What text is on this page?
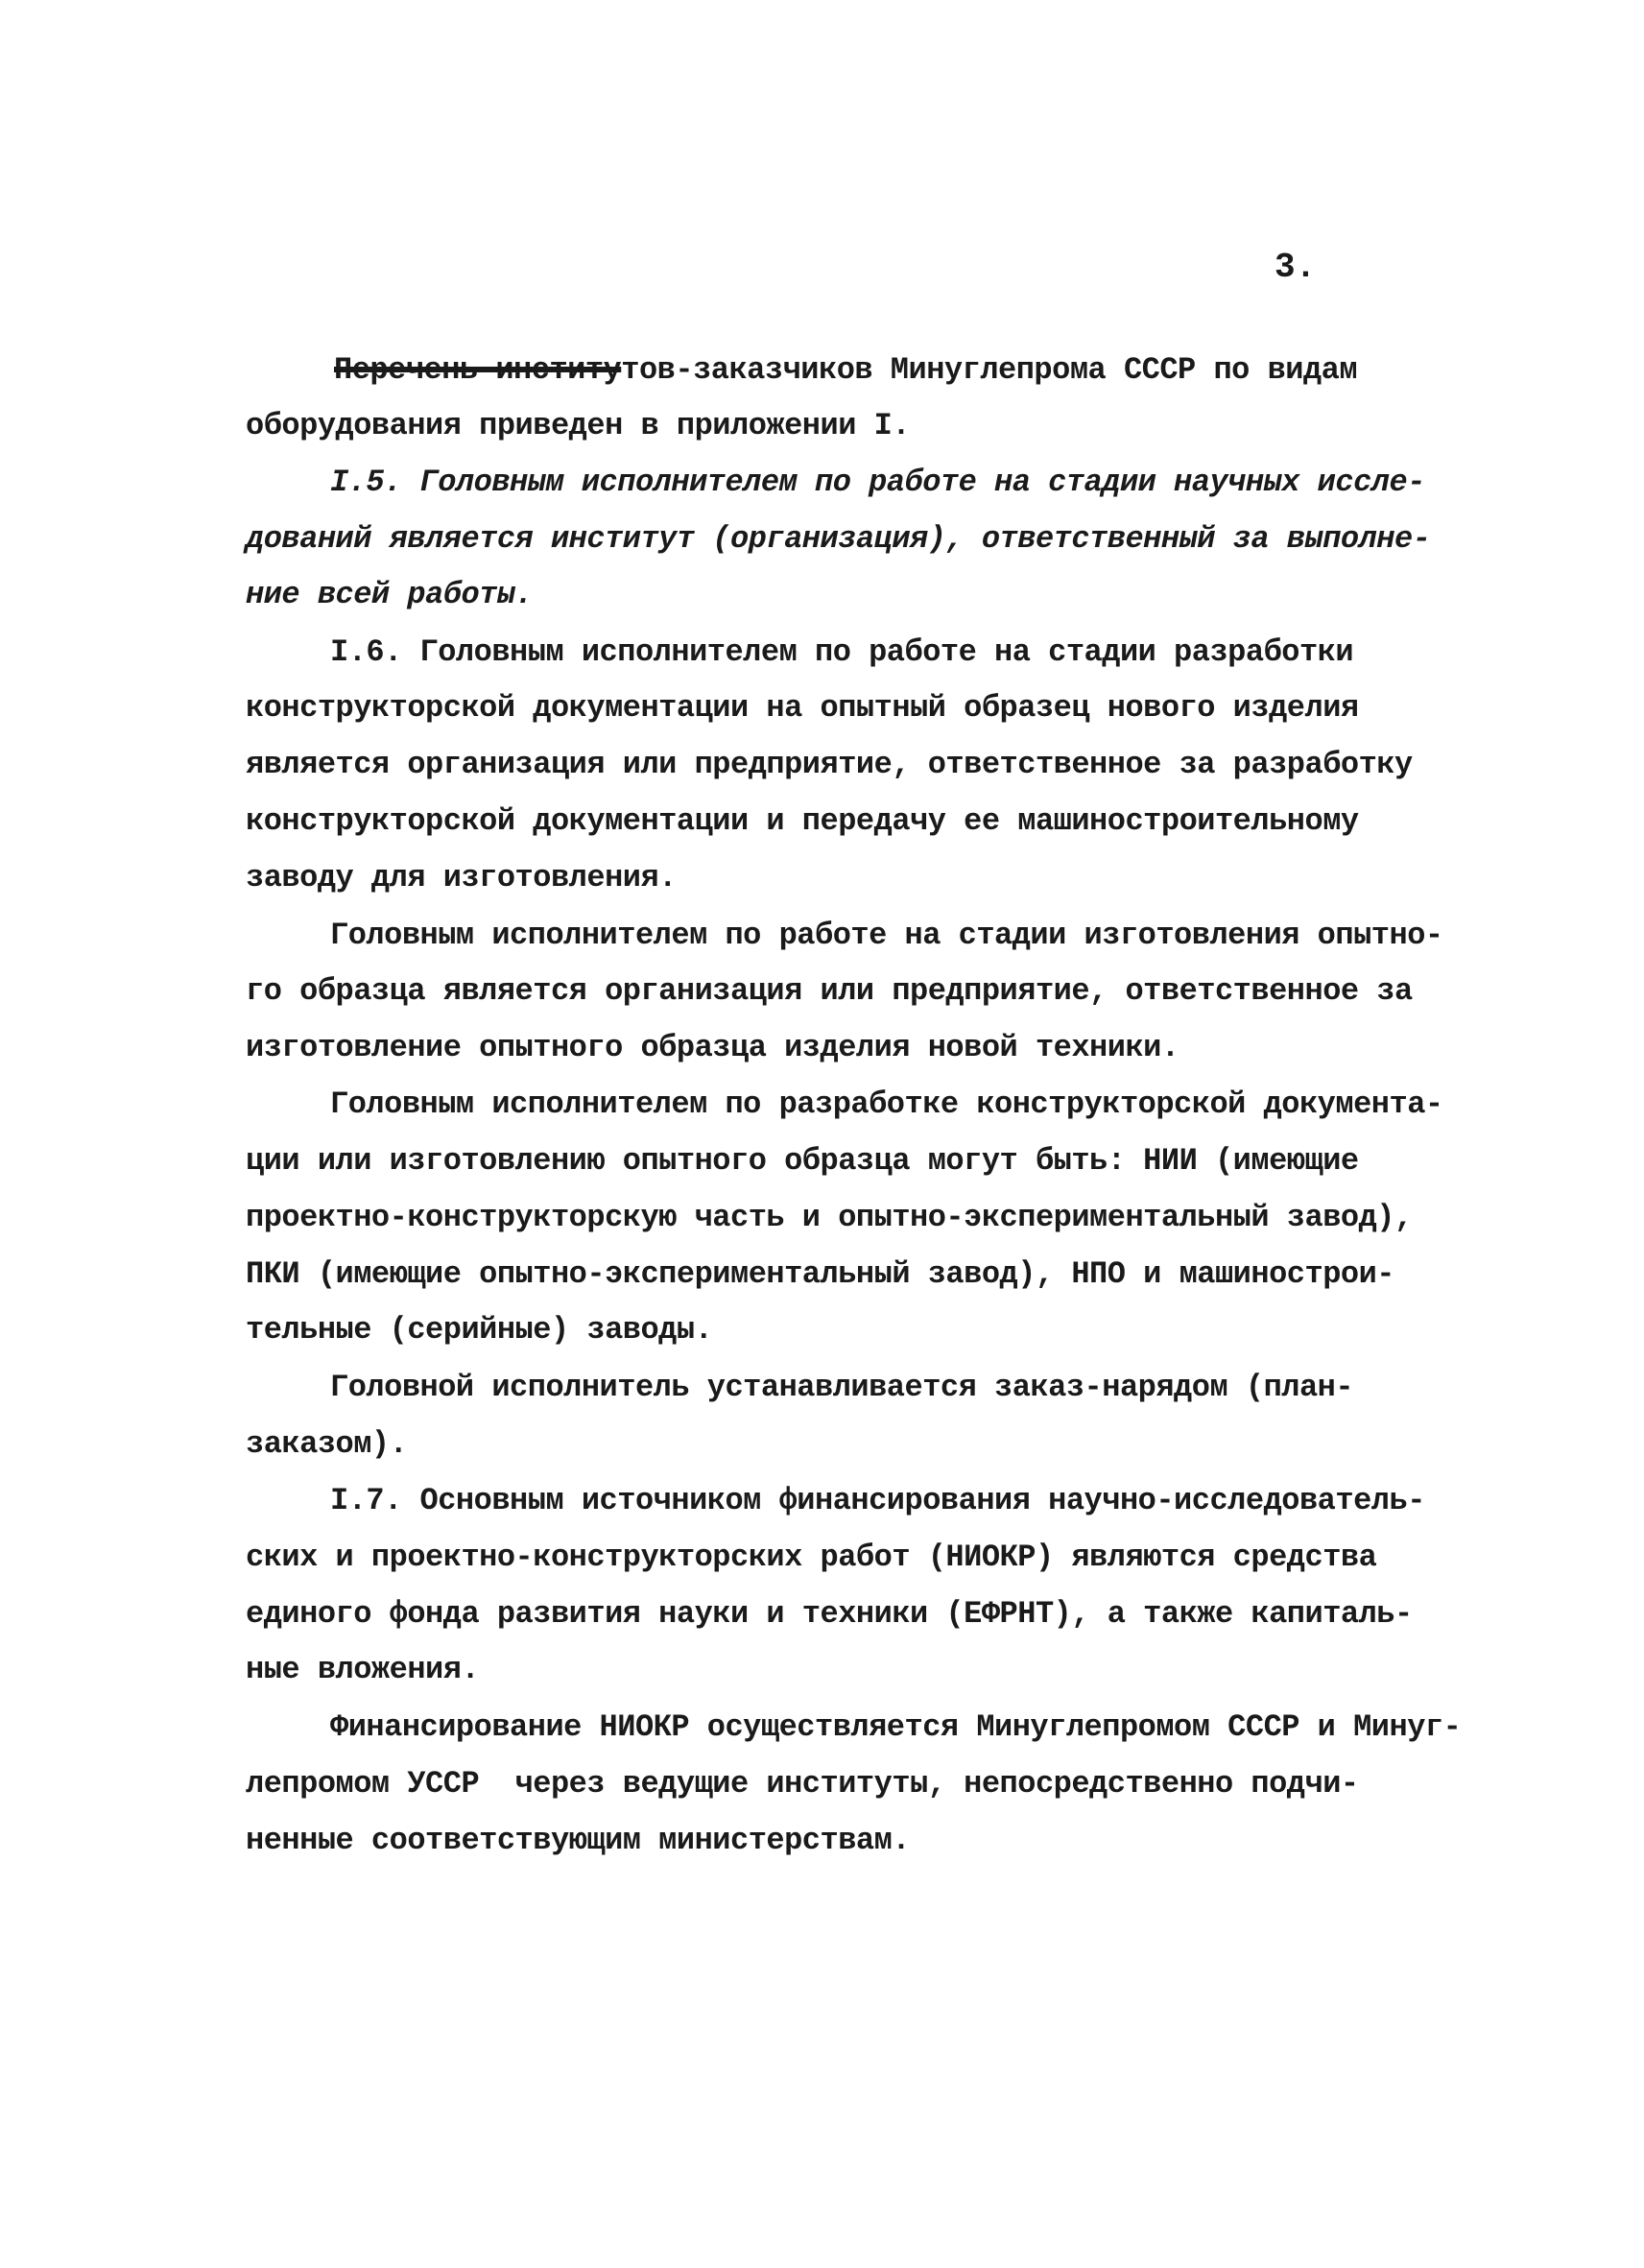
3.
Перечень институтов-заказчиков Минуглепрома СССР по видам
оборудования приведен в приложении I.
I.5. Головным исполнителем по работе на стадии научных иссле-
дований является институт (организация), ответственный за выполне-
ние всей работы.
I.6. Головным исполнителем по работе на стадии разработки
конструкторской документации на опытный образец нового изделия
является организация или предприятие, ответственное за разработку
конструкторской документации и передачу ее машиностроительному
заводу для изготовления.
Головным исполнителем по работе на стадии изготовления опытно-
го образца является организация или предприятие, ответственное за
изготовление опытного образца изделия новой техники.
Головным исполнителем по разработке конструкторской документа-
ции или изготовлению опытного образца могут быть: НИИ (имеющие
проектно-конструкторскую часть и опытно-экспериментальный завод),
ПКИ (имеющие опытно-экспериментальный завод), НПО и машинострои-
тельные (серийные) заводы.
Головной исполнитель устанавливается заказ-нарядом (план-
заказом).
I.7. Основным источником финансирования научно-исследователь-
ских и проектно-конструкторских работ (НИОКР) являются средства
единого фонда развития науки и техники (ЕФРНТ), а также капиталь-
ные вложения.
Финансирование НИОКР осуществляется Минуглепромом СССР и Минуг-
лепромом УССР  через ведущие институты, непосредственно подчи-
ненные соответствующим министерствам.
